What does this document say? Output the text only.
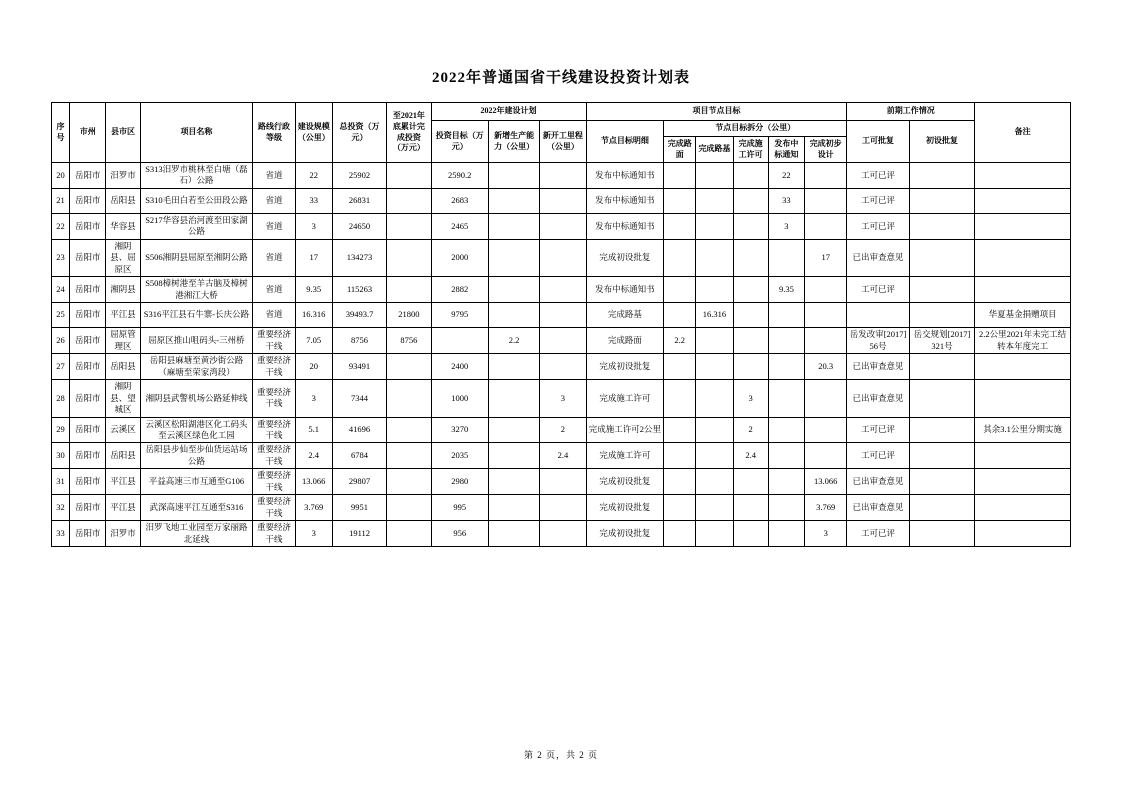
2022年普通国省干线建设投资计划表
序号	市州	县市区	项目名称	路线行政等级	建设规模（公里）	总投资（万元）	至2021年底累计完成投资（万元）	2022年建设计划			项目节点目标						前期工作情况		备注
								投资目标（万元）	新增生产能力（公里）	新开工里程（公里）	节点目标明细	节点目标拆分（公里）					工可批复	初设批复	
												完成路面	完成路基	完成施工许可	发布中标通知	完成初步设计			
20	岳阳市	汨罗市	S313汨罗市桃林至白塘（磊石）公路	省道	22	25902		2590.2			发布中标通知书				22		工可已评		
21	岳阳市	岳阳县	S310毛田白若至公田段公路	省道	33	26831		2683			发布中标通知书				33		工可已评		
22	岳阳市	华容县	S217华容县治河渡至田家湖公路	省道	3	24650		2465			发布中标通知书				3		工可已评		
23	岳阳市	湘阴县、屈原区	S506湘阴县屈原至湘阴公路	省道	17	134273		2000			完成初设批复					17	已出审查意见		
24	岳阳市	湘阴县	S508樟树港至羊古脑及樟树港湘江大桥	省道	9.35	115263		2882			发布中标通知书				9.35		工可已评		
25	岳阳市	平江县	S316平江县石牛寨-长庆公路	省道	16.316	39493.7	21800	9795			完成路基		16.316						华夏基金捐赠项目
26	岳阳市	屈原管理区	屈原区推山咀码头-三州桥	重要经济干线	7.05	8756	8756		2.2		完成路面	2.2					岳发改审[2017]56号	岳交规划[2017]321号	2.2公里2021年未完工结转本年度完工
27	岳阳市	岳阳县	岳阳县麻塘至黄沙街公路（麻塘至荣家湾段）	重要经济干线	20	93491		2400			完成初设批复					20.3	已出审查意见		
28	岳阳市	湘阴县、望城区	湘阴县武警机场公路延伸线	重要经济干线	3	7344		1000		3	完成施工许可			3			已出审查意见		
29	岳阳市	云溪区	云溪区松阳湖港区化工码头至云溪区绿色化工园	重要经济干线	5.1	41696		3270		2	完成施工许可2公里			2			工可已评		其余3.1公里分期实施
30	岳阳市	岳阳县	岳阳县步仙至步仙货运站场公路	重要经济干线	2.4	6784		2035		2.4	完成施工许可			2.4			工可已评		
31	岳阳市	平江县	平益高速三市互通至G106	重要经济干线	13.066	29807		2980			完成初设批复					13.066	已出审查意见		
32	岳阳市	平江县	武深高速平江互通至S316	重要经济干线	3.769	9951		995			完成初设批复					3.769	已出审查意见		
33	岳阳市	汨罗市	汨罗飞地工业园至万家丽路北延线	重要经济干线	3	19112		956			完成初设批复					3	工可已评		
第 2 页，共 2 页
